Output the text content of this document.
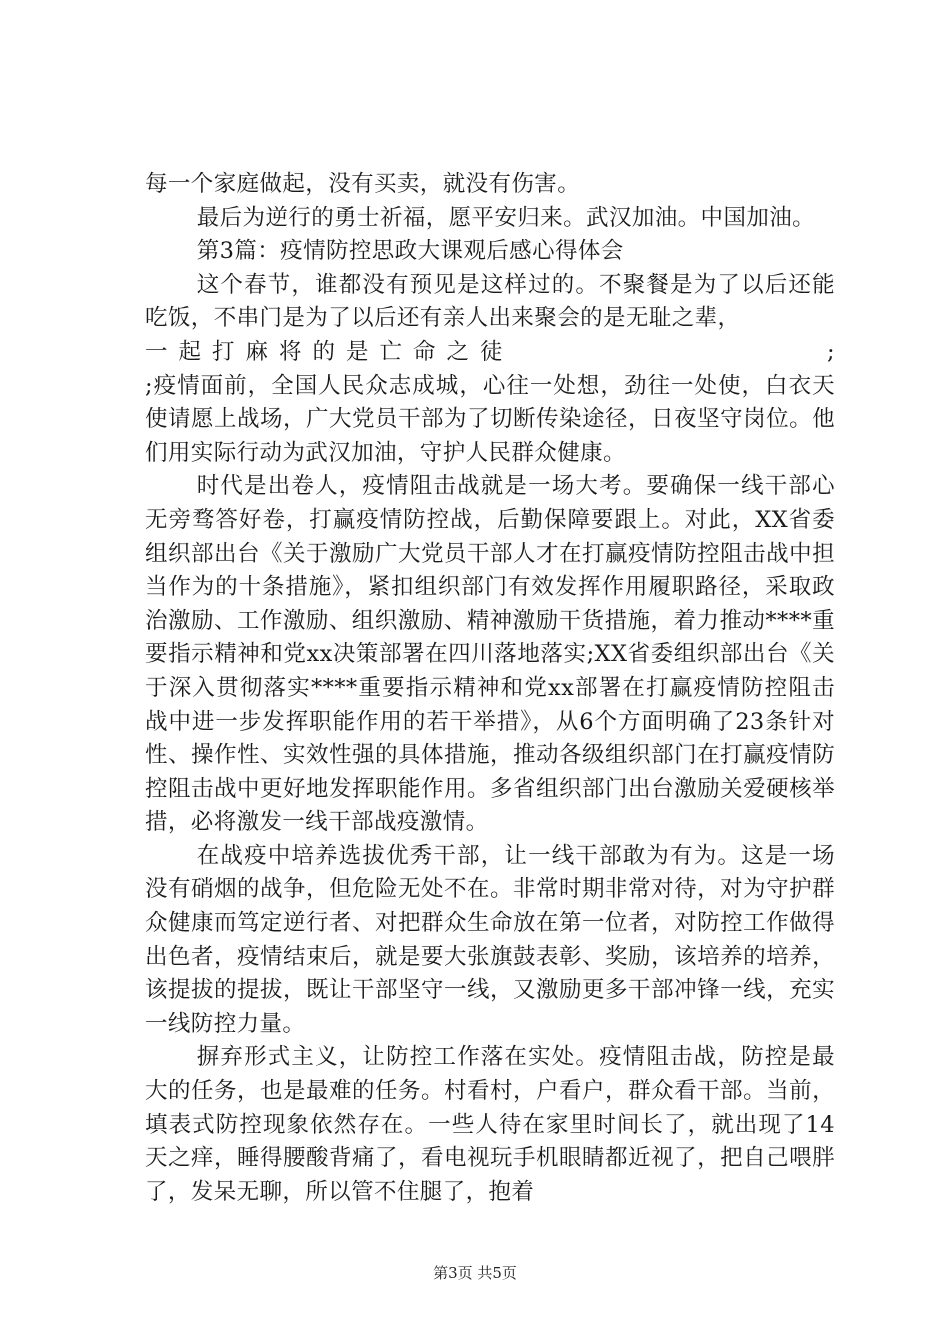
每一个家庭做起，没有买卖，就没有伤害。

最后为逆行的勇士祈福，愿平安归来。武汉加油。中国加油。

第3篇：疫情防控思政大课观后感心得体会

这个春节，谁都没有预见是这样过的。不聚餐是为了以后还能吃饭，不串门是为了以后还有亲人出来聚会的是无耻之辈，

一起打麻将的是亡命之徒	;

;疫情面前，全国人民众志成城，心往一处想，劲往一处使，白衣天使请愿上战场，广大党员干部为了切断传染途径，日夜坚守岗位。他们用实际行动为武汉加油，守护人民群众健康。

时代是出卷人，疫情阻击战就是一场大考。要确保一线干部心无旁骛答好卷，打赢疫情防控战，后勤保障要跟上。对此，XX省委组织部出台《关于激励广大党员干部人才在打赢疫情防控阻击战中担当作为的十条措施》，紧扣组织部门有效发挥作用履职路径，采取政治激励、工作激励、组织激励、精神激励干货措施，着力推动****重要指示精神和党xx决策部署在四川落地落实;XX省委组织部出台《关于深入贯彻落实****重要指示精神和党xx部署在打赢疫情防控阻击战中进一步发挥职能作用的若干举措》，从6个方面明确了23条针对性、操作性、实效性强的具体措施，推动各级组织部门在打赢疫情防控阻击战中更好地发挥职能作用。多省组织部门出台激励关爱硬核举措，必将激发一线干部战疫激情。

在战疫中培养选拔优秀干部，让一线干部敢为有为。这是一场没有硝烟的战争，但危险无处不在。非常时期非常对待，对为守护群众健康而笃定逆行者、对把群众生命放在第一位者，对防控工作做得出色者，疫情结束后，就是要大张旗鼓表彰、奖励，该培养的培养，该提拔的提拔，既让干部坚守一线，又激励更多干部冲锋一线，充实一线防控力量。

摒弃形式主义，让防控工作落在实处。疫情阻击战，防控是最大的任务，也是最难的任务。村看村，户看户，群众看干部。当前，填表式防控现象依然存在。一些人待在家里时间长了，就出现了14天之痒，睡得腰酸背痛了，看电视玩手机眼睛都近视了，把自己喂胖了，发呆无聊，所以管不住腿了，抱着

第3页 共5页
